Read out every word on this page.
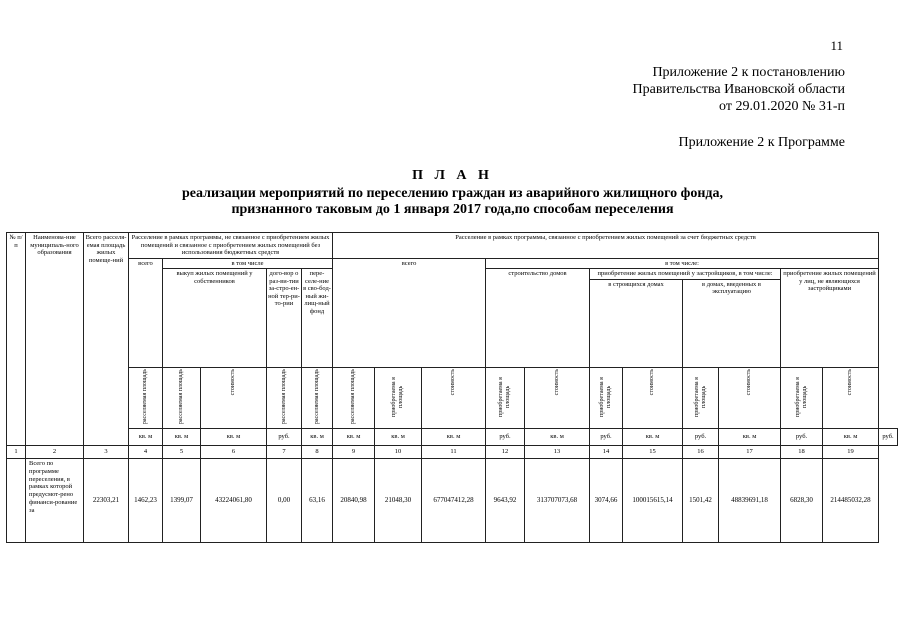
11
Приложение 2 к постановлению
Правительства Ивановской области
от 29.01.2020 № 31-п
Приложение 2 к Программе
П Л А Н
реализации мероприятий по переселению граждан из аварийного жилищного фонда,
признанного таковым до 1 января 2017 года,по способам переселения
№ п/п	Наименова-ние муниципаль-ного образования	Всего расселя-емая площадь жилых помеще-ний	Расселение в рамках программы, не связанное с приобретением жилых помещений и связанное с приобретением жилых помещений без использования бюджетных средств					Расселение в рамках программы, связанное с приобретением жилых помещений за счет бюджетных средств											
			всего	в том числе				всего			в том числе:								
				выкуп жилых помещений у собственников		дого-вор о раз-ви-тии за-стро-ен-ной тер-ри-то-рии	пере-селе-ние в сво-бод-ный жи-лищ-ный фонд				строительство домов		приобретение жилых помещений у застройщиков, в том числе:				приобретение жилых помещений у лиц, не являющихся застройщиками		
													в строящихся домах		в домах, введенных в эксплуатацию				
			расселяемая площадь	расселяемая площадь	стоимость	расселяемая площадь	расселяемая площадь	расселяемая площадь	приобретаема я площадь	стоимость	приобретаема я площадь	стоимость	приобретаема я площадь	стоимость	приобретаема я площадь	стоимость	приобретаема я площадь	стоимость	
			кв. м	кв. м	кв. м	руб.	кв. м	кв. м	кв. м	кв. м	руб.	кв. м	руб.	кв. м	руб.	кв. м	руб.	кв. м	руб.
1	2	3	4	5	6	7	8	9	10	11	12	13	14	15	16	17	18	19	
	Всего по программе переселения, в рамках которой предусмот-рено финанси-рование за	22303,21	1462,23	1399,07	43224061,80	0,00	63,16	20840,98	21048,30	677047412,28	9643,92	313707073,68	3074,66	100015615,14	1501,42	48839691,18	6828,30	214485032,28	
